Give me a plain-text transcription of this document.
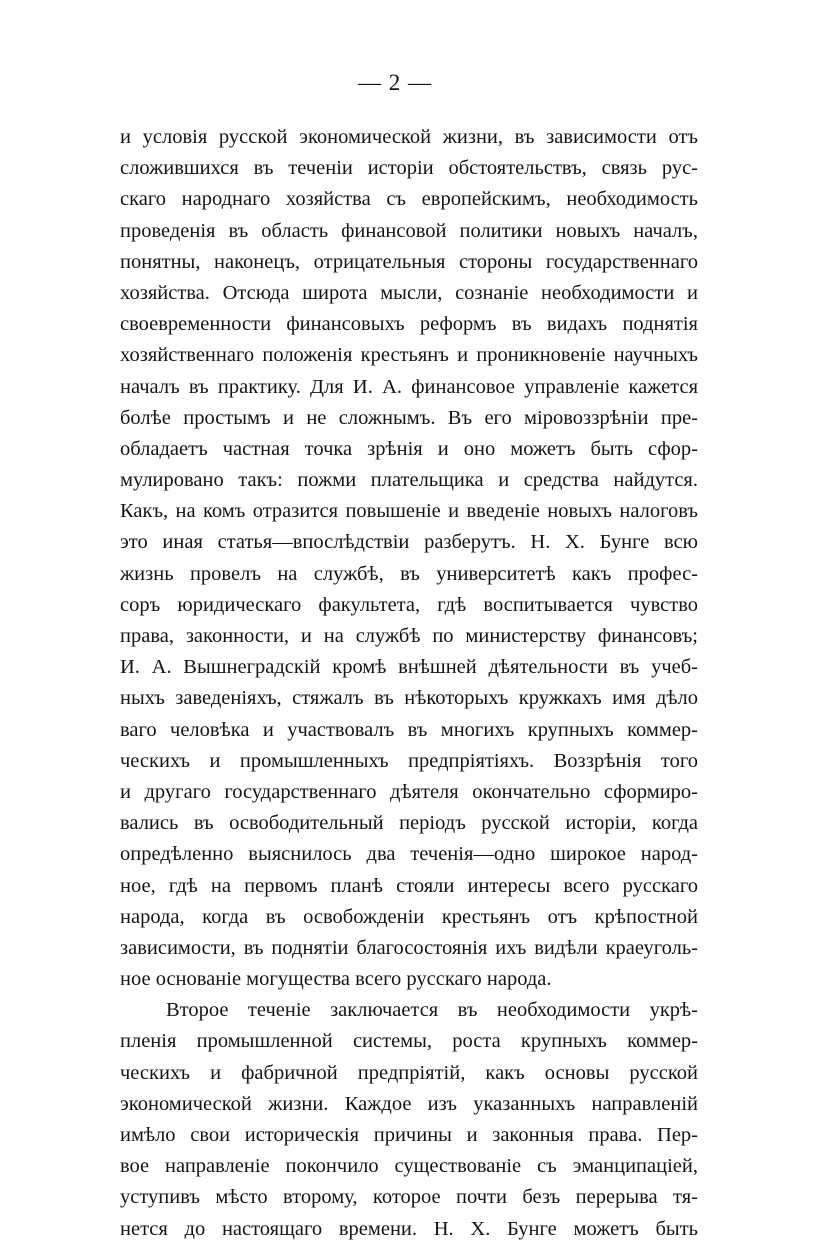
— 2 —
и условія русской экономической жизни, въ зависимости отъ
сложившихся въ теченіи исторіи обстоятельствъ, связь рус-
скаго народнаго хозяйства съ европейскимъ, необходимость
проведенія въ область финансовой политики новыхъ началъ,
понятны, наконецъ, отрицательныя стороны государственнаго
хозяйства. Отсюда широта мысли, сознаніе необходимости и
своевременности финансовыхъ реформъ въ видахъ поднятія
хозяйственнаго положенія крестьянъ и проникновеніе научныхъ
началъ въ практику. Для И. А. финансовое управленіе кажется
болѣе простымъ и не сложнымъ. Въ его міровоззрѣніи пре-
обладаетъ частная точка зрѣнія и оно можетъ быть сфор-
мулировано такъ: пожми плательщика и средства найдутся.
Какъ, на комъ отразится повышеніе и введеніе новыхъ налоговъ
это иная статья—впослѣдствіи разберутъ. Н. Х. Бунге всю
жизнь провелъ на службѣ, въ университетѣ какъ профес-
соръ юридическаго факультета, гдѣ воспитывается чувство
права, законности, и на службѣ по министерству финансовъ;
И. А. Вышнеградскій кромѣ внѣшней дѣятельности въ учеб-
ныхъ заведеніяхъ, стяжалъ въ нѣкоторыхъ кружкахъ имя дѣло
ваго человѣка и участвовалъ въ многихъ крупныхъ коммер-
ческихъ и промышленныхъ предпріятіяхъ. Воззрѣнія того
и другаго государственнаго дѣятеля окончательно сформиро-
вались въ освободительный періодъ русской исторіи, когда
опредѣленно выяснилось два теченія—одно широкое народ-
ное, гдѣ на первомъ планѣ стояли интересы всего русскаго
народа, когда въ освобожденіи крестьянъ отъ крѣпостной
зависимости, въ поднятіи благосостоянія ихъ видѣли краеуголь-
ное основаніе могущества всего русскаго народа.
Второе теченіе заключается въ необходимости укрѣ-
пленія промышленной системы, роста крупныхъ коммер-
ческихъ и фабричной предпріятій, какъ основы русской
экономической жизни. Каждое изъ указанныхъ направленій
имѣло свои историческія причины и законныя права. Пер-
вое направленіе покончило существованіе съ эманципаціей,
уступивъ мѣсто второму, которое почти безъ перерыва тя-
нется до настоящаго времени. Н. Х. Бунге можетъ быть
